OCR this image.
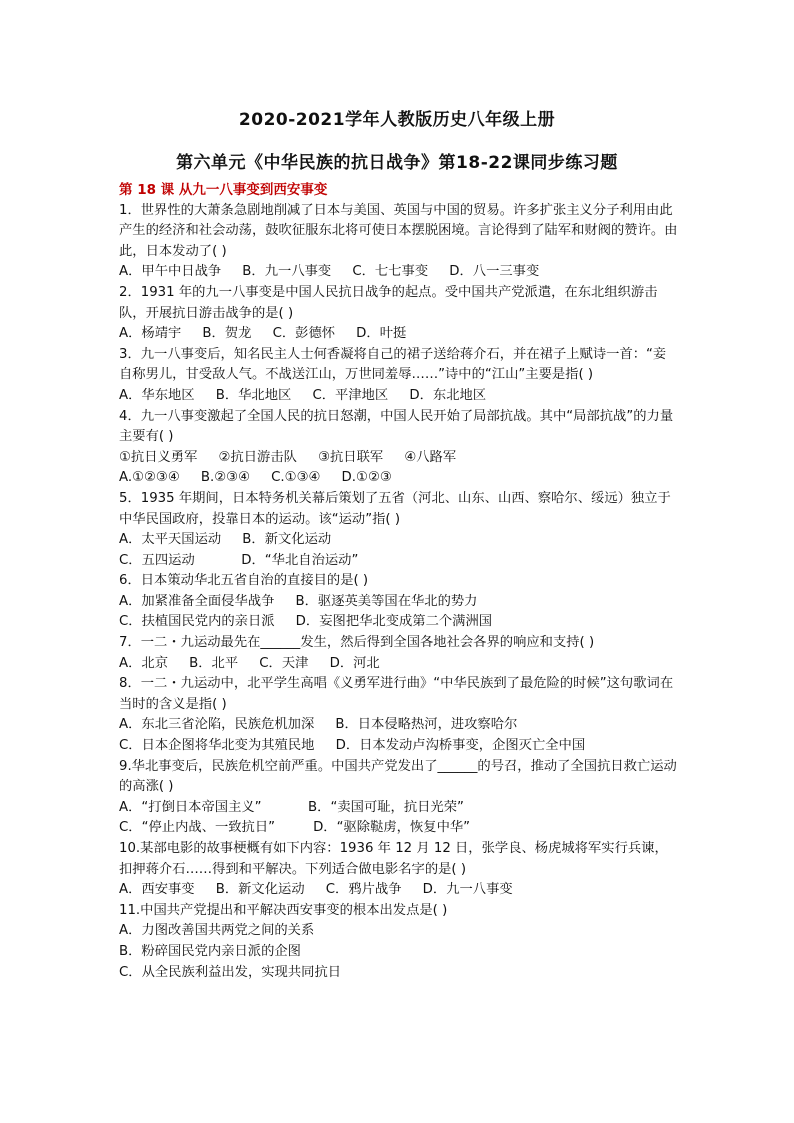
2020-2021学年人教版历史八年级上册
第六单元《中华民族的抗日战争》第18-22课同步练习题
第 18 课 从九一八事变到西安事变

1．世界性的大萧条急剧地削减了日本与美国、英国与中国的贸易。许多扩张主义分子利用由此产生的经济和社会动荡，鼓吹征服东北将可使日本摆脱困境。言论得到了陆军和财阀的赞许。由此，日本发动了( )

A．甲午中日战争     B．九一八事变     C．七七事变     D．八一三事变

2．1931 年的九一八事变是中国人民抗日战争的起点。受中国共产党派遣，在东北组织游击队，开展抗日游击战争的是( )

A．杨靖宇     B．贺龙     C．彭德怀     D．叶挺

3．九一八事变后，知名民主人士何香凝将自己的裙子送给蒋介石，并在裙子上赋诗一首：“妾自称男儿，甘受敌人气。不战送江山，万世同羞辱……”诗中的“江山”主要是指( )

A．华东地区     B．华北地区     C．平津地区     D．东北地区

4．九一八事变激起了全国人民的抗日怒潮，中国人民开始了局部抗战。其中“局部抗战”的力量主要有( )

①抗日义勇军     ②抗日游击队     ③抗日联军     ④八路军

A.①②③④     B.②③④     C.①③④     D.①②③

5．1935 年期间，日本特务机关幕后策划了五省（河北、山东、山西、察哈尔、绥远）独立于中华民国政府，投靠日本的运动。该“运动”指( )

A．太平天国运动     B．新文化运动

C．五四运动           D．“华北自治运动”

6．日本策动华北五省自治的直接目的是( )

A．加紧准备全面侵华战争     B．驱逐英美等国在华北的势力

C．扶植国民党内的亲日派     D．妄图把华北变成第二个满洲国

7．一二・九运动最先在______发生，然后得到全国各地社会各界的响应和支持( )

A．北京     B．北平     C．天津     D．河北

8．一二・九运动中，北平学生高唱《义勇军进行曲》“中华民族到了最危险的时候”这句歌词在当时的含义是指( )

A．东北三省沦陷，民族危机加深     B．日本侵略热河，进攻察哈尔

C．日本企图将华北变为其殖民地     D．日本发动卢沟桥事变，企图灭亡全中国

9.华北事变后，民族危机空前严重。中国共产党发出了______的号召，推动了全国抗日救亡运动的高涨( )

A．“打倒日本帝国主义”           B．“卖国可耻，抗日光荣”

C．“停止内战、一致抗日”         D．“驱除鞑虏，恢复中华”

10.某部电影的故事梗概有如下内容：1936 年 12 月 12 日，张学良、杨虎城将军实行兵谏，扣押蒋介石……得到和平解决。下列适合做电影名字的是( )

A．西安事变     B．新文化运动     C．鸦片战争     D．九一八事变

11.中国共产党提出和平解决西安事变的根本出发点是( )

A．力图改善国共两党之间的关系

B．粉碎国民党内亲日派的企图

C．从全民族利益出发，实现共同抗日
